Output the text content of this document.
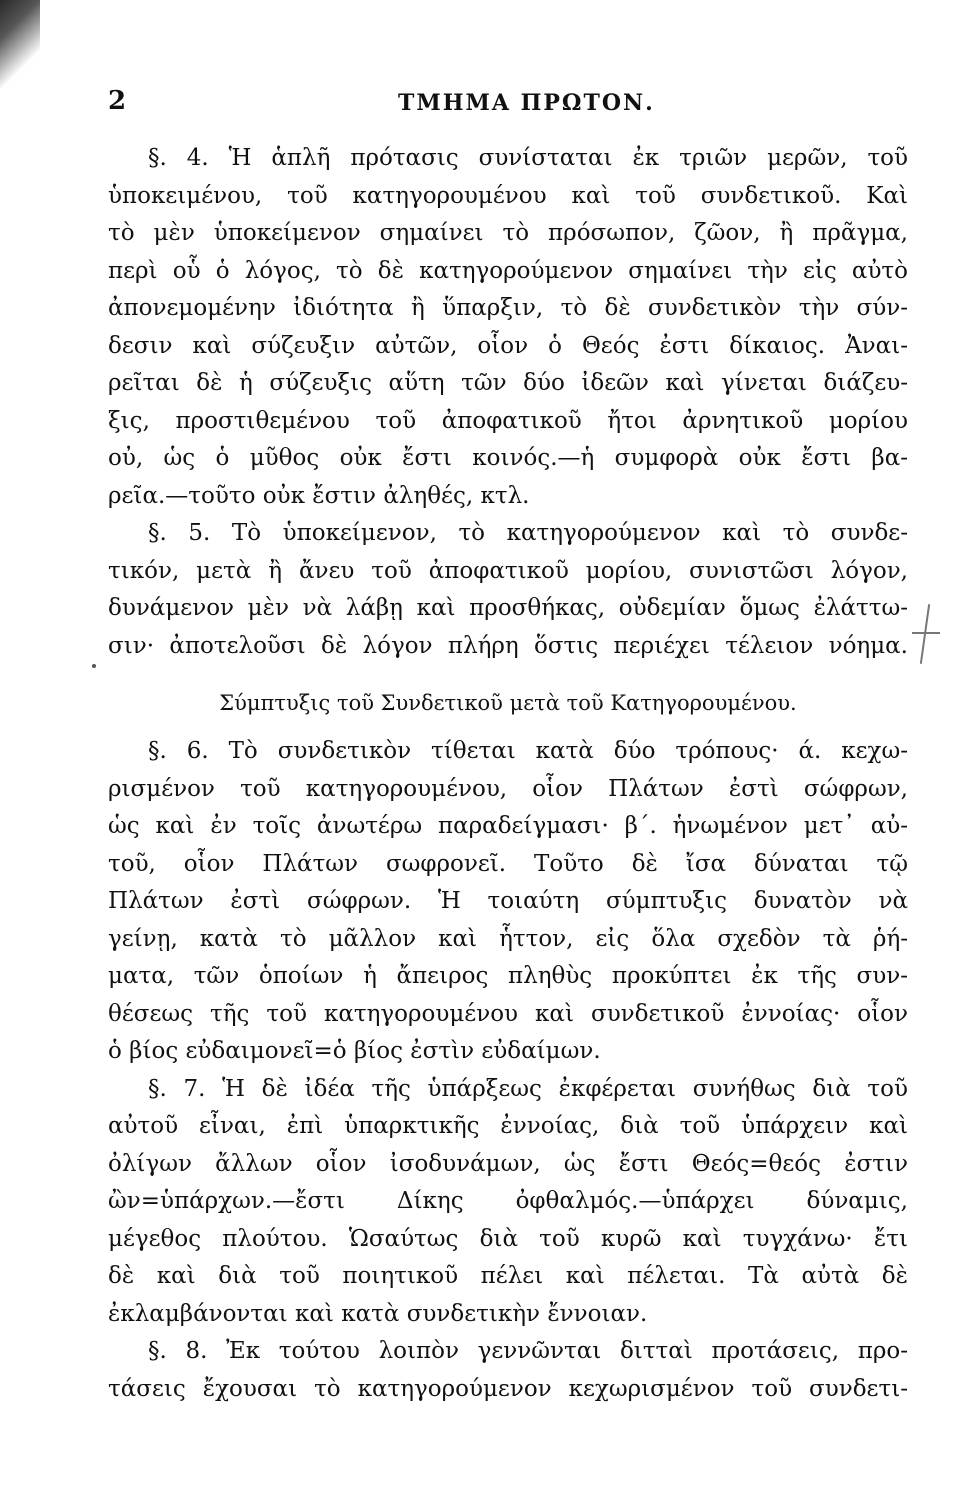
2	ΤΜΗΜΑ ΠΡΩΤΟΝ.
§. 4. Ἡ ἁπλῆ πρότασις συνίσταται ἐκ τριῶν μερῶν, τοῦ
ὑποκειμένου, τοῦ κατηγορουμένου καὶ τοῦ συνδετικοῦ. Καὶ
τὸ μὲν ὑποκείμενον σημαίνει τὸ πρόσωπον, ζῶον, ἢ πρᾶγμα,
περὶ οὗ ὁ λόγος, τὸ δὲ κατηγορούμενον σημαίνει τὴν εἰς αὐτὸ
ἀπονεμομένην ἰδιότητα ἢ ὕπαρξιν, τὸ δὲ συνδετικὸν τὴν σύν-
δεσιν καὶ σύζευξιν αὐτῶν, οἷον ὁ Θεός ἐστι δίκαιος. Ἀναι-
ρεῖται δὲ ἡ σύζευξις αὕτη τῶν δύο ἰδεῶν καὶ γίνεται διάζευ-
ξις, προστιθεμένου τοῦ ἀποφατικοῦ ἤτοι ἀρνητικοῦ μορίου
οὐ, ὡς ὁ μῦθος οὐκ ἔστι κοινός.—ἡ συμφορὰ οὐκ ἔστι βα-
ρεῖα.—τοῦτο οὐκ ἔστιν ἀληθές, κτλ.
§. 5. Τὸ ὑποκείμενον, τὸ κατηγορούμενον καὶ τὸ συνδε-
τικόν, μετὰ ἢ ἄνευ τοῦ ἀποφατικοῦ μορίου, συνιστῶσι λόγον,
δυνάμενον μὲν νὰ λάβῃ καὶ προσθήκας, οὐδεμίαν ὅμως ἐλάττω-
σιν· ἀποτελοῦσι δὲ λόγον πλήρη ὅστις περιέχει τέλειον νόημα.
Σύμπτυξις τοῦ Συνδετικοῦ μετὰ τοῦ Κατηγορουμένου.
§. 6. Τὸ συνδετικὸν τίθεται κατὰ δύο τρόπους· ά. κεχω-
ρισμένον τοῦ κατηγορουμένου, οἷον Πλάτων ἐστὶ σώφρων,
ὡς καὶ ἐν τοῖς ἀνωτέρω παραδείγμασι· β΄. ἡνωμένον μετ᾽ αὐ-
τοῦ, οἷον Πλάτων σωφρονεῖ. Τοῦτο δὲ ἴσα δύναται τῷ
Πλάτων ἐστὶ σώφρων. Ἡ τοιαύτη σύμπτυξις δυνατὸν νὰ
γείνῃ, κατὰ τὸ μᾶλλον καὶ ἧττον, εἰς ὅλα σχεδὸν τὰ ῥή-
ματα, τῶν ὁποίων ἡ ἄπειρος πληθὺς προκύπτει ἐκ τῆς συν-
θέσεως τῆς τοῦ κατηγορουμένου καὶ συνδετικοῦ ἐννοίας· οἷον
ὁ βίος εὐδαιμονεῖ=ὁ βίος ἐστὶν εὐδαίμων.
§. 7. Ἡ δὲ ἰδέα τῆς ὑπάρξεως ἐκφέρεται συνήθως διὰ τοῦ
αὐτοῦ εἶναι, ἐπὶ ὑπαρκτικῆς ἐννοίας, διὰ τοῦ ὑπάρχειν καὶ
ὀλίγων ἄλλων οἷον ἰσοδυνάμων, ὡς ἔστι Θεός=θεός ἐστιν
ὢν=ὑπάρχων.—ἔστι Δίκης ὀφθαλμός.—ὑπάρχει δύναμις,
μέγεθος πλούτου. Ὡσαύτως διὰ τοῦ κυρῶ καὶ τυγχάνω· ἔτι
δὲ καὶ διὰ τοῦ ποιητικοῦ πέλει καὶ πέλεται. Τὰ αὐτὰ δὲ
ἐκλαμβάνονται καὶ κατὰ συνδετικὴν ἔννοιαν.
§. 8. Ἐκ τούτου λοιπὸν γεννῶνται διτταὶ προτάσεις, προ-
τάσεις ἔχουσαι τὸ κατηγορούμενον κεχωρισμένον τοῦ συνδετι-
